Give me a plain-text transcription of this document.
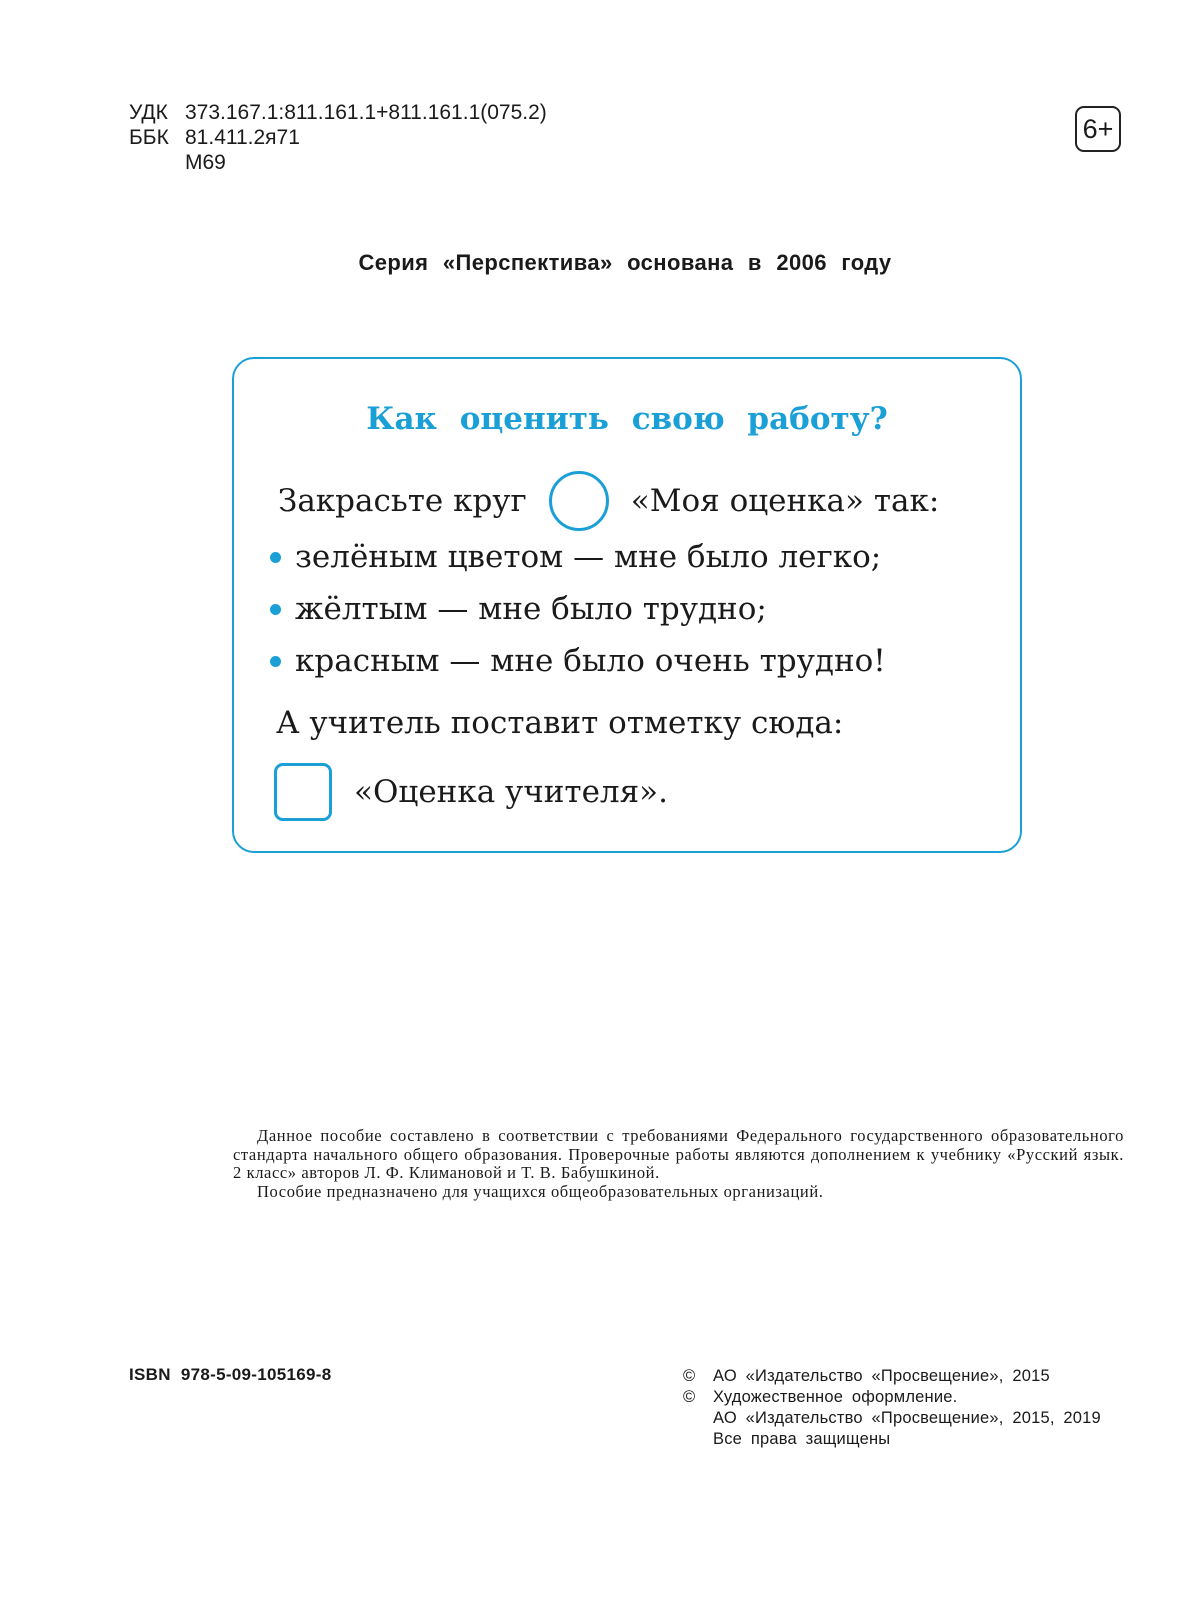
УДК 373.167.1:811.161.1+811.161.1(075.2)
ББК 81.411.2я71
М69
6+
Серия «Перспектива» основана в 2006 году
Как оценить свою работу?
Закрасьте круг	«Моя оценка» так:
зелёным цветом — мне было легко;
жёлтым — мне было трудно;
красным — мне было очень трудно!
А учитель поставит отметку сюда:
«Оценка учителя».

Данное пособие составлено в соответствии с требованиями Федерального государственного образовательного стандарта начального общего образования. Проверочные работы являются дополнением к учебнику «Русский язык. 2 класс» авторов Л. Ф. Климановой и Т. В. Бабушкиной.

Пособие предназначено для учащихся общеобразовательных организаций.

ISBN 978-5-09-105169-8	©	АО «Издательство «Просвещение», 2015
©	Художественное оформление.
АО «Издательство «Просвещение», 2015, 2019
Все права защищены
